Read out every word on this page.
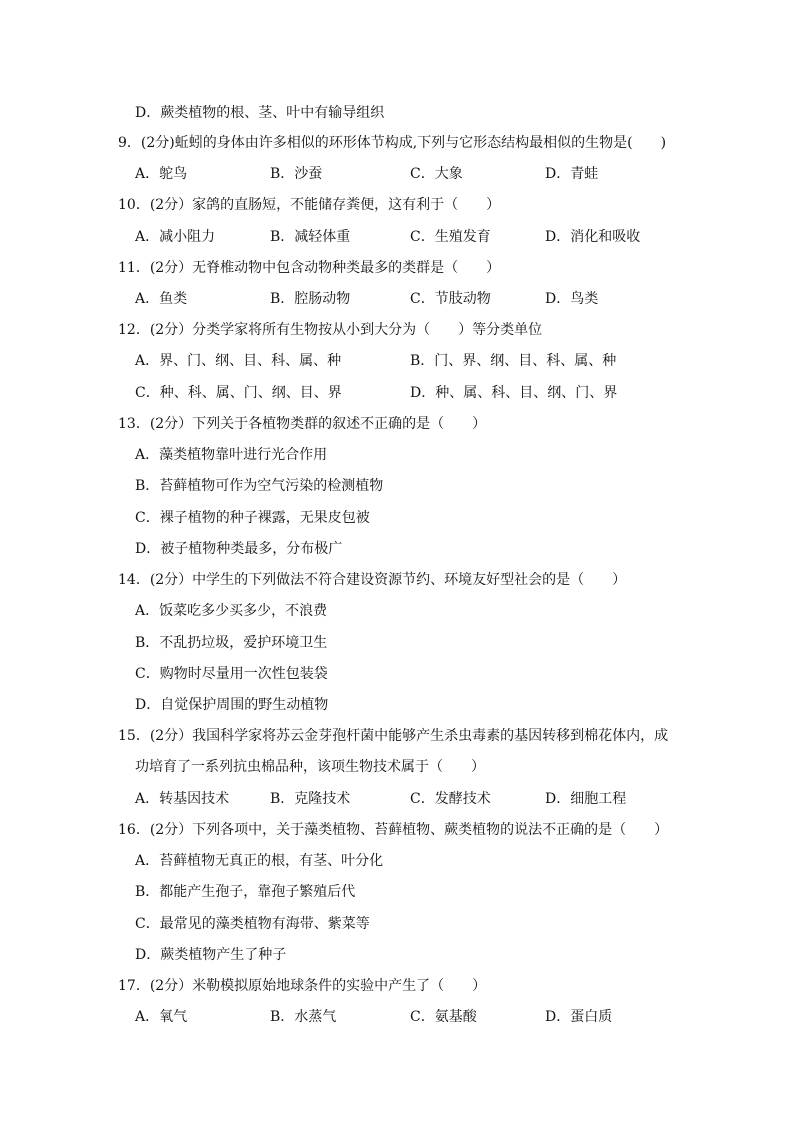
D．蕨类植物的根、茎、叶中有输导组织
9．(2分)蚯蚓的身体由许多相似的环形体节构成,下列与它形态结构最相似的生物是(　　)
A．鸵鸟	B．沙蚕	C．大象	D．青蛙
10．(2分）家鸽的直肠短，不能储存粪便，这有利于（　　）
A．减小阻力	B．减轻体重	C．生殖发育	D．消化和吸收
11．(2分）无脊椎动物中包含动物种类最多的类群是（　　）
A．鱼类	B．腔肠动物	C．节肢动物	D．鸟类
12．(2分）分类学家将所有生物按从小到大分为（　　）等分类单位
A．界、门、纲、目、科、属、种	B．门、界、纲、目、科、属、种
C．种、科、属、门、纲、目、界	D．种、属、科、目、纲、门、界
13．(2分）下列关于各植物类群的叙述不正确的是（　　）
A．藻类植物靠叶进行光合作用
B．苔藓植物可作为空气污染的检测植物
C．裸子植物的种子裸露，无果皮包被
D．被子植物种类最多，分布极广
14．(2分）中学生的下列做法不符合建设资源节约、环境友好型社会的是（　　）
A．饭菜吃多少买多少，不浪费
B．不乱扔垃圾，爱护环境卫生
C．购物时尽量用一次性包装袋
D．自觉保护周围的野生动植物
15．(2分）我国科学家将苏云金芽孢杆菌中能够产生杀虫毒素的基因转移到棉花体内，成
功培育了一系列抗虫棉品种，该项生物技术属于（　　）
A．转基因技术	B．克隆技术	C．发酵技术	D．细胞工程
16．(2分）下列各项中，关于藻类植物、苔藓植物、蕨类植物的说法不正确的是（　　）
A．苔藓植物无真正的根，有茎、叶分化
B．都能产生孢子，靠孢子繁殖后代
C．最常见的藻类植物有海带、紫菜等
D．蕨类植物产生了种子
17．(2分）米勒模拟原始地球条件的实验中产生了（　　）
A．氧气	B．水蒸气	C．氨基酸	D．蛋白质
